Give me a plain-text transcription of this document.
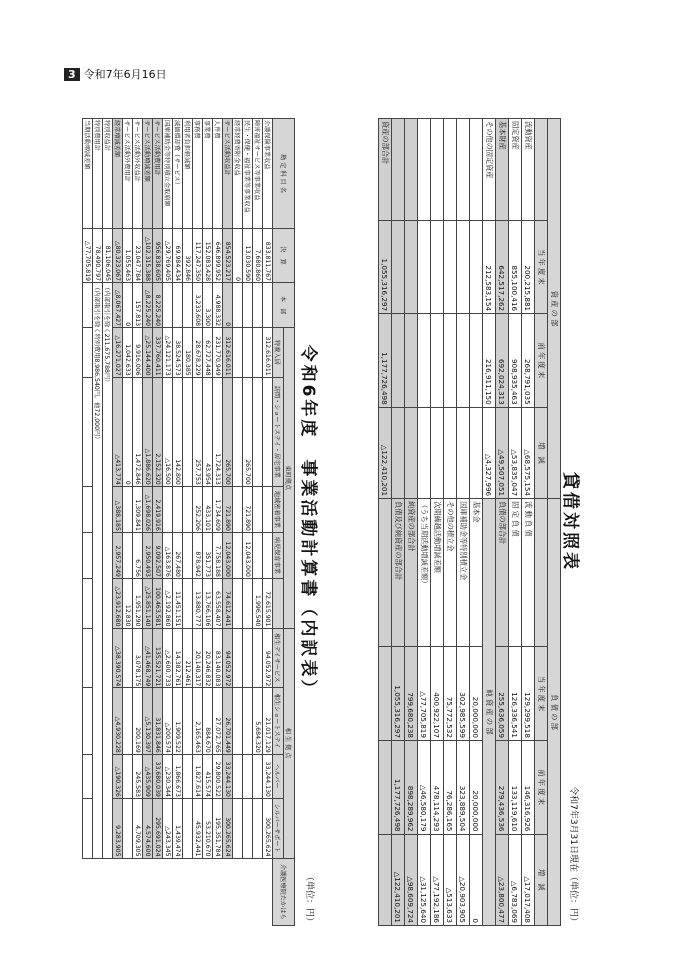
3 令和7年6月16日
貸借対照表
令和7年3月31日現在（単位：円）
資 産 の 部				負 債 の 部			
	当 年 度 末	前 年 度 末	増　減		当 年 度 末	前 年 度 末	増　減
流動資産	200,215,881	268,791,035	△68,575,154	流 動 負 債	129,299,518	146,316,926	△17,017,408
固定資産	855,100,416	908,935,463	△53,835,047	固 定 負 債	126,336,541	133,119,610	△6,783,069
基本財産	642,517,262	692,024,313	△49,507,051	負債の部合計	255,636,059	279,436,536	△23,800,477
その他の固定資産	212,583,154	216,911,150	△4,327,996	純 資 産 の 部			
				基本金	20,000,000	20,000,000	0
				国庫補助金等特別積立金	302,985,599	323,889,504	△20,903,905
				その他の積立金	75,772,532	76,286,165	△513,633
				次期繰越活動増減差額	400,922,107	478,114,293	△77,192,186
				（うち当期活動増減差額）	△77,705,819	△46,580,179	△31,125,640
				純資産の部合計	799,680,238	898,289,962	△98,609,724
				負債及び純資産の部合計	1,055,316,297	1,177,726,498	△122,410,201
資産の部合計	1,055,316,297	1,177,726,498	△122,410,201				
令和6年度　事業活動計算書（内訳表）
（単位：円）
勘 定 科 目 名	決　算	本　部	東町拠点					相 生 拠 点				介護医療院たかはら
			特養入居	訪問・ショートステイ・居宅事業	地域密着事業	病児保育事業		相生デイサービス	相生ショートステイ	ヘルパー	シルバーサポート	

介護保険事業収益	833,811,767		312,616,011				72,615,901	94,052,972	21,017,129	33,244,130	300,265,624	
障害福祉サービス等事業収益	7,680,860						1,996,540		5,684,320			
民生・保健・福祉事業等事業収益	13,030,590			265,700	721,890	12,043,000						
経常経費寄附金収益	0											
サービス活動収益計	854,523,217	0	312,616,011	265,700	721,890	12,043,000	74,612,441	94,052,972	26,701,449	33,244,130	300,265,624	
人件費	646,899,952	4,988,332	231,770,949	1,724,313	1,734,609	7,758,188	63,558,407	83,140,083	27,072,765	29,800,522	195,351,784	
事業費	152,083,428	3,300	62,727,448	43,954	433,101	351,773	13,766,106	20,246,832	884,670	415,574	53,210,670	
事務費	117,247,350	3,233,608	28,678,229	257,753	252,206	878,942	13,880,777	20,140,317	2,165,463	1,827,614	45,932,441	
利用者負担軽減額	392,846		180,385					212,461				
減価償却費（サービス）	69,984,434		38,524,573	142,800		267,480	11,451,151	14,382,761	1,909,522	1,866,673	1,439,474	
国庫補助金等特別積立金取崩額	△29,769,405		△24,121,173	△16,500		△163,876	△2,192,860	△2,600,733	△200,574	△230,344	△243,345	
サービス活動費用計	956,838,605	8,225,240	337,760,411	2,152,320	2,419,916	9,092,507	100,463,581	135,521,721	31,831,846	33,680,039	295,691,024	
サービス活動増減差額	△102,315,388	△8,225,240	△25,144,400	△1,886,620	△1,698,026	2,950,493	△25,851,140	△41,468,749	△5,130,397	△435,909	4,574,600	
サービス活動外収益計	23,047,784	157,813	9,916,006	1,472,846	1,309,841	6,756	1,951,290	3,078,175	200,169	245,583	4,709,305	
サービス活動外費用計	1,055,463	0	1,042,633	0			12,830					
経常増減差額	△80,323,067	△8,067,427	△16,271,027	△413,774	△388,185	2,957,249	△23,912,680	△38,390,574	△4,930,228	△190,326	9,283,905	
特別収益計	81,106,045	（内部取引を除く211,675,788円）										
特別費用計	78,490,797	（内部取引を除く特別費用8,986,540円。他72,000円）										
当期活動増減差額	△77,705,819											
